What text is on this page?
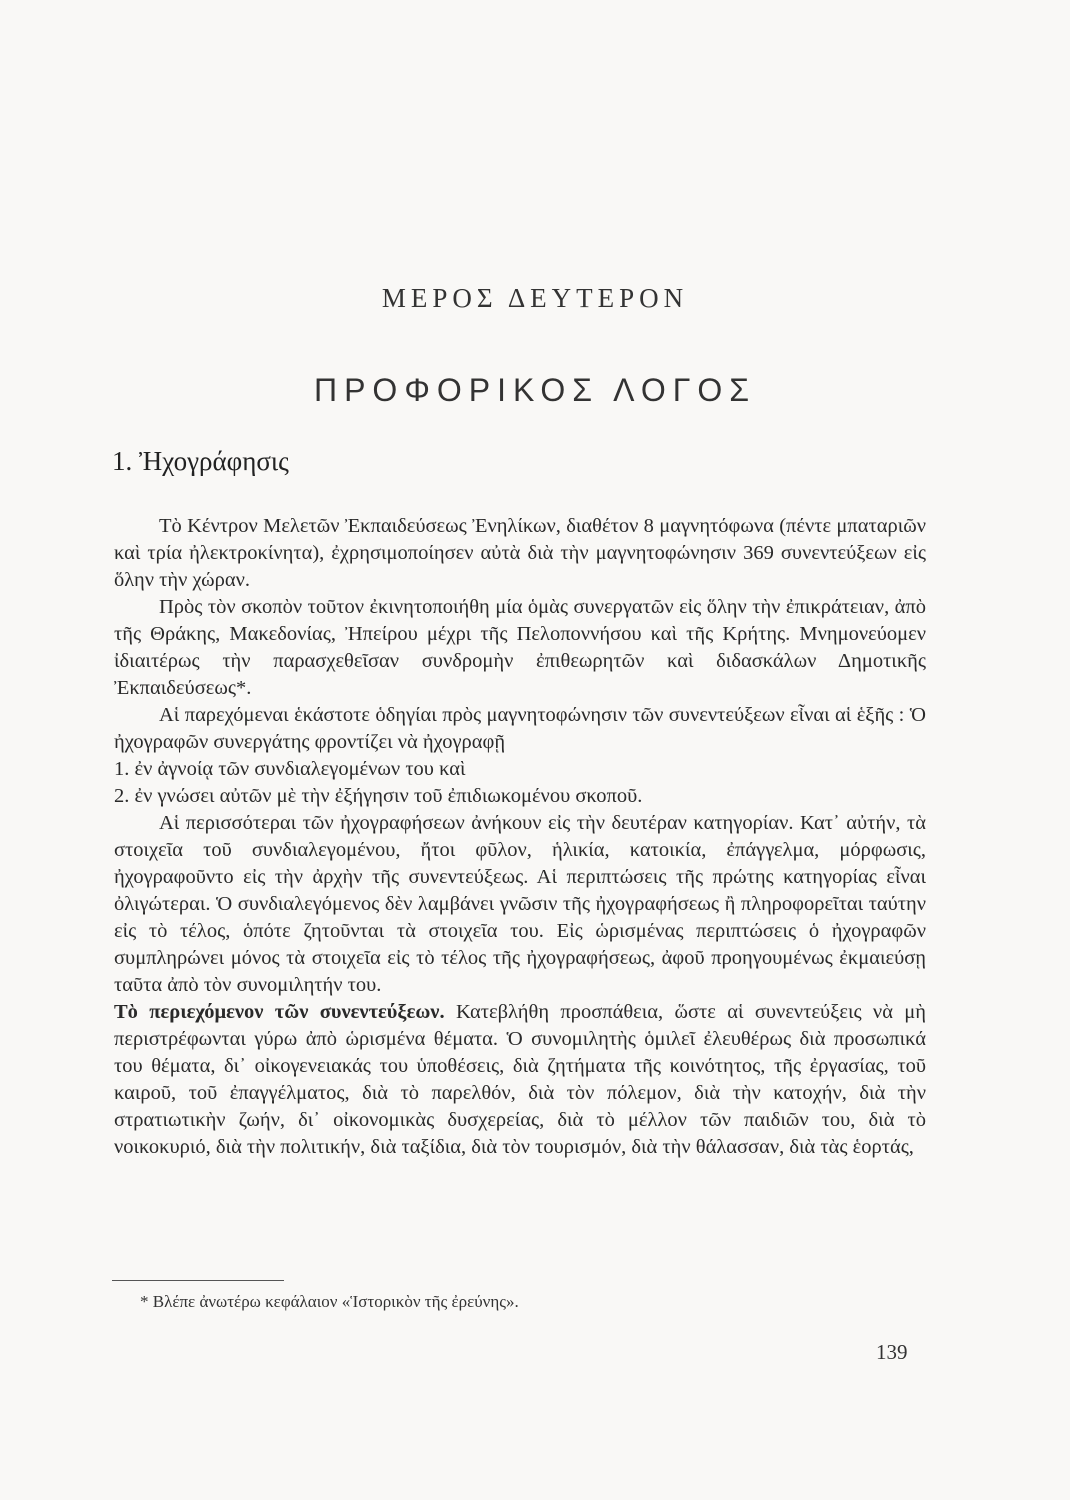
ΜΕΡΟΣ ΔΕΥΤΕΡΟΝ
ΠΡΟΦΟΡΙΚΟΣ ΛΟΓΟΣ
1. Ἠχογράφησις

Τὸ Κέντρον Μελετῶν Ἐκπαιδεύσεως Ἐνηλίκων, διαθέτον 8 μαγνητόφωνα (πέντε μπαταριῶν καὶ τρία ἠλεκτροκίνητα), ἐχρησιμοποίησεν αὐτὰ διὰ τὴν μαγνητοφώνησιν 369 συνεντεύξεων εἰς ὅλην τὴν χώραν.

Πρὸς τὸν σκοπὸν τοῦτον ἐκινητοποιήθη μία ὁμὰς συνεργατῶν εἰς ὅλην τὴν ἐπικράτειαν, ἀπὸ τῆς Θράκης, Μακεδονίας, Ἠπείρου μέχρι τῆς Πελοποννήσου καὶ τῆς Κρήτης. Μνημονεύομεν ἰδιαιτέρως τὴν παρασχεθεῖσαν συνδρομὴν ἐπιθεωρητῶν καὶ διδασκάλων Δημοτικῆς Ἐκπαιδεύσεως*.

Αἱ παρεχόμεναι ἑκάστοτε ὁδηγίαι πρὸς μαγνητοφώνησιν τῶν συνεντεύξεων εἶναι αἱ ἑξῆς : Ὁ ἠχογραφῶν συνεργάτης φροντίζει νὰ ἠχογραφῇ

1. ἐν ἀγνοίᾳ τῶν συνδιαλεγομένων του καὶ

2. ἐν γνώσει αὐτῶν μὲ τὴν ἐξήγησιν τοῦ ἐπιδιωκομένου σκοποῦ.

Αἱ περισσότεραι τῶν ἠχογραφήσεων ἀνήκουν εἰς τὴν δευτέραν κατηγορίαν. Κατ᾽ αὐτήν, τὰ στοιχεῖα τοῦ συνδιαλεγομένου, ἤτοι φῦλον, ἡλικία, κατοικία, ἐπάγγελμα, μόρφωσις, ἠχογραφοῦντο εἰς τὴν ἀρχὴν τῆς συνεντεύξεως. Αἱ περιπτώσεις τῆς πρώτης κατηγορίας εἶναι ὀλιγώτεραι. Ὁ συνδιαλεγόμενος δὲν λαμβάνει γνῶσιν τῆς ἠχογραφήσεως ἢ πληροφορεῖται ταύτην εἰς τὸ τέλος, ὁπότε ζητοῦνται τὰ στοιχεῖα του. Εἰς ὡρισμένας περιπτώσεις ὁ ἠχογραφῶν συμπληρώνει μόνος τὰ στοιχεῖα εἰς τὸ τέλος τῆς ἠχογραφήσεως, ἀφοῦ προηγουμένως ἐκμαιεύσῃ ταῦτα ἀπὸ τὸν συνομιλητήν του.

Τὸ περιεχόμενον τῶν συνεντεύξεων. Κατεβλήθη προσπάθεια, ὥστε αἱ συνεντεύξεις νὰ μὴ περιστρέφωνται γύρω ἀπὸ ὡρισμένα θέματα. Ὁ συνομιλητὴς ὁμιλεῖ ἐλευθέρως διὰ προσωπικά του θέματα, δι᾽ οἰκογενειακάς του ὑποθέσεις, διὰ ζητήματα τῆς κοινότητος, τῆς ἐργασίας, τοῦ καιροῦ, τοῦ ἐπαγγέλματος, διὰ τὸ παρελθόν, διὰ τὸν πόλεμον, διὰ τὴν κατοχήν, διὰ τὴν στρατιωτικὴν ζωήν, δι᾽ οἰκονομικὰς δυσχερείας, διὰ τὸ μέλλον τῶν παιδιῶν του, διὰ τὸ νοικοκυριό, διὰ τὴν πολιτικήν, διὰ ταξίδια, διὰ τὸν τουρισμόν, διὰ τὴν θάλασσαν, διὰ τὰς ἑορτάς,

* Βλέπε ἀνωτέρω κεφάλαιον «Ἱστορικὸν τῆς ἐρεύνης».
139
